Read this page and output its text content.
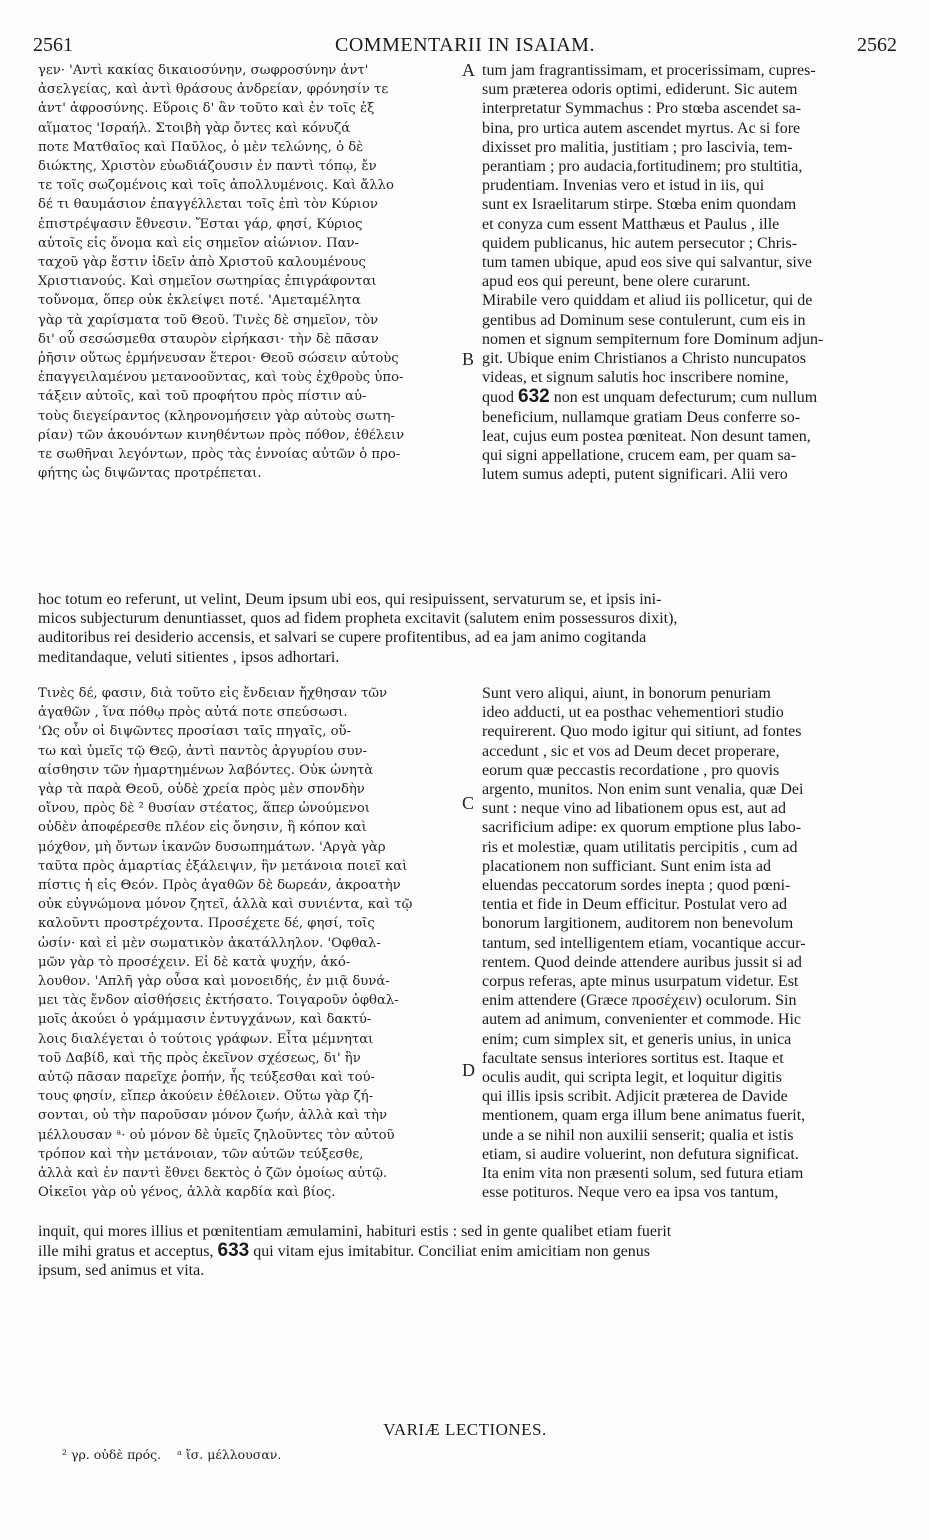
2561	COMMENTARII IN ISAIAM.	2562
γεν· 'Αντὶ κακίας δικαιοσύνην, σωφροσύνην ἀντ'
ἀσελγείας, καὶ ἀντὶ θράσους ἀνδρείαν, φρόνησίν τε
ἀντ' ἀφροσύνης. Εὕροις δ' ἂν τοῦτο καὶ ἐν τοῖς ἐξ
αἵματος 'Ισραήλ. Στοιβὴ γὰρ ὄντες καὶ κόνυζά
ποτε Ματθαῖος καὶ Παῦλος, ὁ μὲν τελώνης, ὁ δὲ
διώκτης, Χριστὸν εὐωδιάζουσιν ἐν παντὶ τόπῳ, ἔν
τε τοῖς σωζομένοις καὶ τοῖς ἀπολλυμένοις. Καὶ ἄλλο
δέ τι θαυμάσιον ἐπαγγέλλεται τοῖς ἐπὶ τὸν Κύριον
ἐπιστρέψασιν ἔθνεσιν. Ἔσται γάρ, φησί, Κύριος
αὐτοῖς εἰς ὄνομα καὶ εἰς σημεῖον αἰώνιον. Παν-
ταχοῦ γὰρ ἔστιν ἰδεῖν ἀπὸ Χριστοῦ καλουμένους
Χριστιανούς. Καὶ σημεῖον σωτηρίας ἐπιγράφονται
τοὔνομα, ὅπερ οὐκ ἐκλείψει ποτέ. 'Αμεταμέλητα
γὰρ τὰ χαρίσματα τοῦ Θεοῦ. Τινὲς δὲ σημεῖον, τὸν
δι' οὗ σεσώσμεθα σταυρὸν εἰρήκασι· τὴν δὲ πᾶσαν
ῥῆσιν οὕτως ἑρμήνευσαν ἕτεροι· Θεοῦ σώσειν αὐτοὺς
ἐπαγγειλαμένου μετανοοῦντας, καὶ τοὺς ἐχθροὺς ὑπο-
τάξειν αὐτοῖς, καὶ τοῦ προφήτου πρὸς πίστιν αὐ-
τοὺς διεγείραντος (κληρονομήσειν γὰρ αὐτοὺς σωτη-
ρίαν) τῶν ἀκουόντων κινηθέντων πρὸς πόθον, ἐθέλειν
τε σωθῆναι λεγόντων, πρὸς τὰς ἐννοίας αὐτῶν ὁ προ-
φήτης ὡς διψῶντας προτρέπεται.
tum jam fragrantissimam, et procerissimam, cupres-
sum præterea odoris optimi, ediderunt. Sic autem
interpretatur Symmachus : Pro stœba ascendet sa-
bina, pro urtica autem ascendet myrtus. Ac si fore
dixisset pro malitia, justitiam ; pro lascivia, tem-
perantiam ; pro audacia,fortitudinem; pro stultitia,
prudentiam. Invenias vero et istud in iis, qui
sunt ex Israelitarum stirpe. Stœba enim quondam
et conyza cum essent Matthæus et Paulus , ille
quidem publicanus, hic autem persecutor ; Chris-
tum tamen ubique, apud eos sive qui salvantur, sive
apud eos qui pereunt, bene olere curarunt.
Mirabile vero quiddam et aliud iis pollicetur, qui de
gentibus ad Dominum sese contulerunt, cum eis in
nomen et signum sempiternum fore Dominum adjun-
git. Ubique enim Christianos a Christo nuncupatos
videas, et signum salutis hoc inscribere nomine,
quod 632 non est unquam defecturum; cum nullum
beneficium, nullamque gratiam Deus conferre so-
leat, cujus eum postea pœniteat. Non desunt tamen,
qui signi appellatione, crucem eam, per quam sa-
lutem sumus adepti, putent significari. Alii vero
hoc totum eo referunt, ut velint, Deum ipsum ubi eos, qui resipuissent, servaturum se, et ipsis ini-
micos subjecturum denuntiasset, quos ad fidem propheta excitavit (salutem enim possessuros dixit),
auditoribus rei desiderio accensis, et salvari se cupere profitentibus, ad ea jam animo cogitanda
meditandaque, veluti sitientes , ipsos adhortari.
Τινὲς δέ, φασιν, διὰ τοῦτο εἰς ἔνδειαν ἤχθησαν τῶν
ἀγαθῶν , ἵνα πόθῳ πρὸς αὐτά ποτε σπεύσωσι.
'Ως οὖν οἱ διψῶντες προσίασι ταῖς πηγαῖς, οὕ-
τω καὶ ὑμεῖς τῷ Θεῷ, ἀντὶ παντὸς ἀργυρίου συν-
αίσθησιν τῶν ἡμαρτημένων λαβόντες. Οὐκ ὠνητὰ
γὰρ τὰ παρὰ Θεοῦ, οὐδὲ χρεία πρὸς μὲν σπονδὴν
οἴνου, πρὸς δὲ ² θυσίαν στέατος, ἅπερ ὠνούμενοι
οὐδὲν ἀποφέρεσθε πλέον εἰς ὄνησιν, ἢ κόπον καὶ
μόχθον, μὴ ὄντων ἱκανῶν δυσωπημάτων. 'Αργὰ γὰρ
ταῦτα πρὸς ἁμαρτίας ἐξάλειψιν, ἣν μετάνοια ποιεῖ καὶ
πίστις ἡ εἰς Θεόν. Πρὸς ἀγαθῶν δὲ δωρεάν, ἀκροατὴν
οὐκ εὐγνώμονα μόνον ζητεῖ, ἀλλὰ καὶ συνιέντα, καὶ τῷ
καλοῦντι προστρέχοντα. Προσέχετε δέ, φησί, τοῖς
ὠσίν· καὶ εἰ μὲν σωματικὸν ἀκατάλληλον. 'Οφθαλ-
μῶν γὰρ τὸ προσέχειν. Εἰ δὲ κατὰ ψυχήν, ἀκό-
λουθον. 'Απλῆ γὰρ οὖσα καὶ μονοειδής, ἐν μιᾷ δυνά-
μει τὰς ἔνδον αἰσθήσεις ἐκτήσατο. Τοιγαροῦν ὀφθαλ-
μοῖς ἀκούει ὁ γράμμασιν ἐντυγχάνων, καὶ δακτύ-
λοις διαλέγεται ὁ τούτοις γράφων. Εἶτα μέμνηται
τοῦ Δαβίδ, καὶ τῆς πρὸς ἐκεῖνον σχέσεως, δι' ἣν
αὐτῷ πᾶσαν παρεῖχε ῥοπήν, ἧς τεύξεσθαι καὶ τού-
τους φησίν, εἴπερ ἀκούειν ἐθέλοιεν. Οὕτω γὰρ ζή-
σονται, οὐ τὴν παροῦσαν μόνον ζωήν, ἀλλὰ καὶ τὴν
μέλλουσαν ᵃ· οὐ μόνον δὲ ὑμεῖς ζηλοῦντες τὸν αὐτοῦ
τρόπον καὶ τὴν μετάνοιαν, τῶν αὐτῶν τεύξεσθε,
ἀλλὰ καὶ ἐν παντὶ ἔθνει δεκτὸς ὁ ζῶν ὁμοίως αὐτῷ.
Οἰκεῖοι γὰρ οὐ γένος, ἀλλὰ καρδία καὶ βίος.
Sunt vero aliqui, aiunt, in bonorum penuriam
ideo adducti, ut ea posthac vehementiori studio
requirerent. Quo modo igitur qui sitiunt, ad fontes
accedunt , sic et vos ad Deum decet properare,
eorum quæ peccastis recordatione , pro quovis
argento, munitos. Non enim sunt venalia, quæ Dei
sunt : neque vino ad libationem opus est, aut ad
sacrificium adipe: ex quorum emptione plus labo-
ris et molestiæ, quam utilitatis percipitis , cum ad
placationem non sufficiant. Sunt enim ista ad
eluendas peccatorum sordes inepta ; quod pœni-
tentia et fide in Deum efficitur. Postulat vero ad
bonorum largitionem, auditorem non benevolum
tantum, sed intelligentem etiam, vocantique accur-
rentem. Quod deinde attendere auribus jussit si ad
corpus referas, apte minus usurpatum videtur. Est
enim attendere (Græce προσέχειν) oculorum. Sin
autem ad animum, convenienter et commode. Hic
enim; cum simplex sit, et generis unius, in unica
facultate sensus interiores sortitus est. Itaque et
oculis audit, qui scripta legit, et loquitur digitis
qui illis ipsis scribit. Adjicit præterea de Davide
mentionem, quam erga illum bene animatus fuerit,
unde a se nihil non auxilii senserit; qualia et istis
etiam, si audire voluerint, non defutura significat.
Ita enim vita non præsenti solum, sed futura etiam
esse potituros. Neque vero ea ipsa vos tantum,
inquit, qui mores illius et pœnitentiam æmulamini, habituri estis : sed in gente qualibet etiam fuerit
ille mihi gratus et acceptus, 633 qui vitam ejus imitabitur. Conciliat enim amicitiam non genus
ipsum, sed animus et vita.
A
B
C
D
VARIÆ LECTIONES.
² γρ. οὐδὲ πρός.    ᵃ ἴσ. μέλλουσαν.
